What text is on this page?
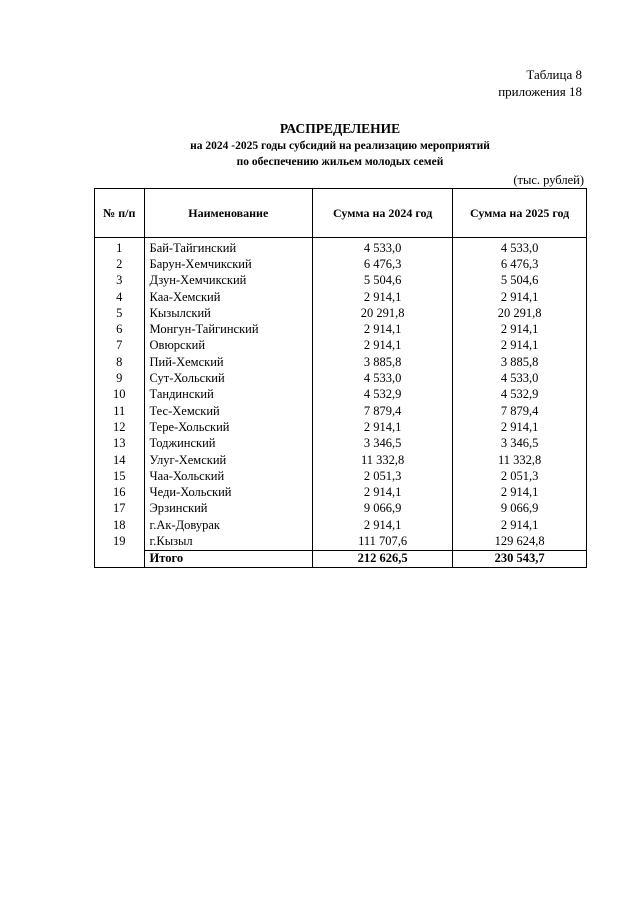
Таблица 8
приложения 18
РАСПРЕДЕЛЕНИЕ
на 2024 -2025 годы субсидий на реализацию мероприятий
по обеспечению жильем молодых семей
(тыс. рублей)
№ п/п	Наименование	Сумма на 2024 год	Сумма на 2025 год
1	Бай-Тайгинский	4 533,0	4 533,0
2	Барун-Хемчикский	6 476,3	6 476,3
3	Дзун-Хемчикский	5 504,6	5 504,6
4	Каа-Хемский	2 914,1	2 914,1
5	Кызылский	20 291,8	20 291,8
6	Монгун-Тайгинский	2 914,1	2 914,1
7	Овюрский	2 914,1	2 914,1
8	Пий-Хемский	3 885,8	3 885,8
9	Сут-Хольский	4 533,0	4 533,0
10	Тандинский	4 532,9	4 532,9
11	Тес-Хемский	7 879,4	7 879,4
12	Тере-Хольский	2 914,1	2 914,1
13	Тоджинский	3 346,5	3 346,5
14	Улуг-Хемский	11 332,8	11 332,8
15	Чаа-Хольский	2 051,3	2 051,3
16	Чеди-Хольский	2 914,1	2 914,1
17	Эрзинский	9 066,9	9 066,9
18	г.Ак-Довурак	2 914,1	2 914,1
19	г.Кызыл	111 707,6	129 624,8
	Итого	212 626,5	230 543,7
